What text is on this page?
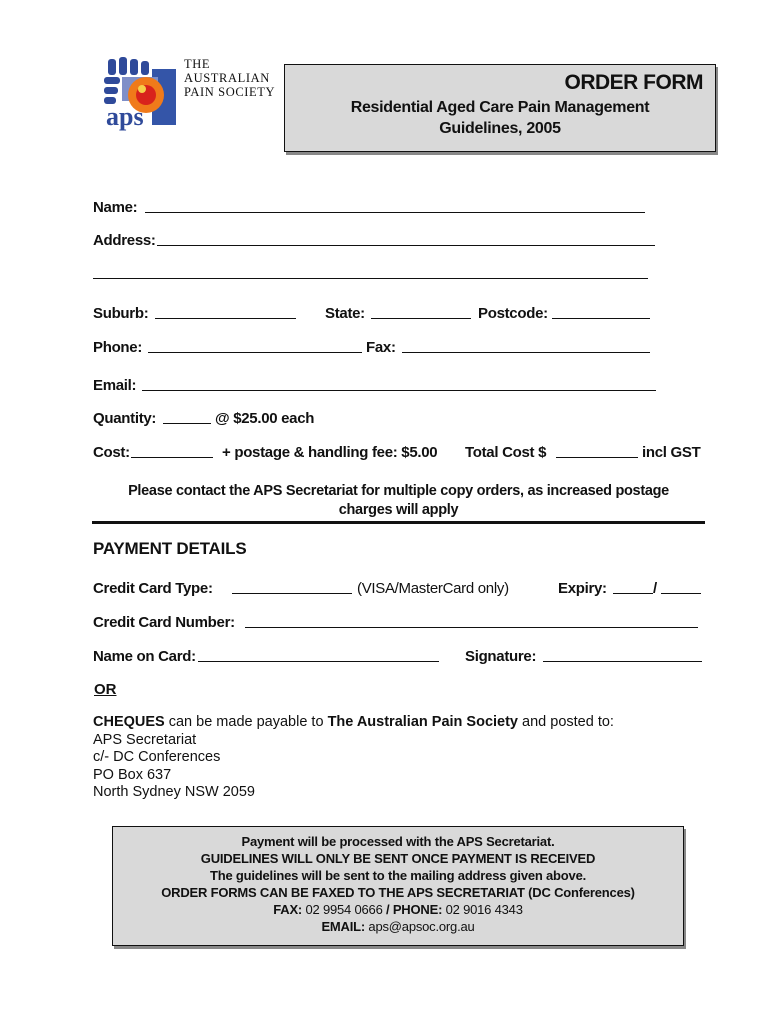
aps
THE
AUSTRALIAN
PAIN SOCIETY	ORDER FORM
Residential Aged Care Pain Management
Guidelines, 2005
Name:
Address:
Suburb:	State:	Postcode:
Phone:	Fax:
Email:
Quantity:	@ $25.00 each
Cost:	+ postage & handling fee: $5.00 Total Cost $	incl GST
Please contact the APS Secretariat for multiple copy orders, as increased postage
charges will apply
PAYMENT DETAILS
Credit Card Type:	(VISA/MasterCard only)	Expiry:	/
Credit Card Number:
Name on Card:	Signature:
OR
CHEQUES can be made payable to The Australian Pain Society and posted to:
APS Secretariat
c/- DC Conferences
PO Box 637
North Sydney NSW 2059
Payment will be processed with the APS Secretariat.
GUIDELINES WILL ONLY BE SENT ONCE PAYMENT IS RECEIVED
The guidelines will be sent to the mailing address given above.
ORDER FORMS CAN BE FAXED TO THE APS SECRETARIAT (DC Conferences)
FAX: 02 9954 0666 / PHONE: 02 9016 4343
EMAIL: aps@apsoc.org.au
